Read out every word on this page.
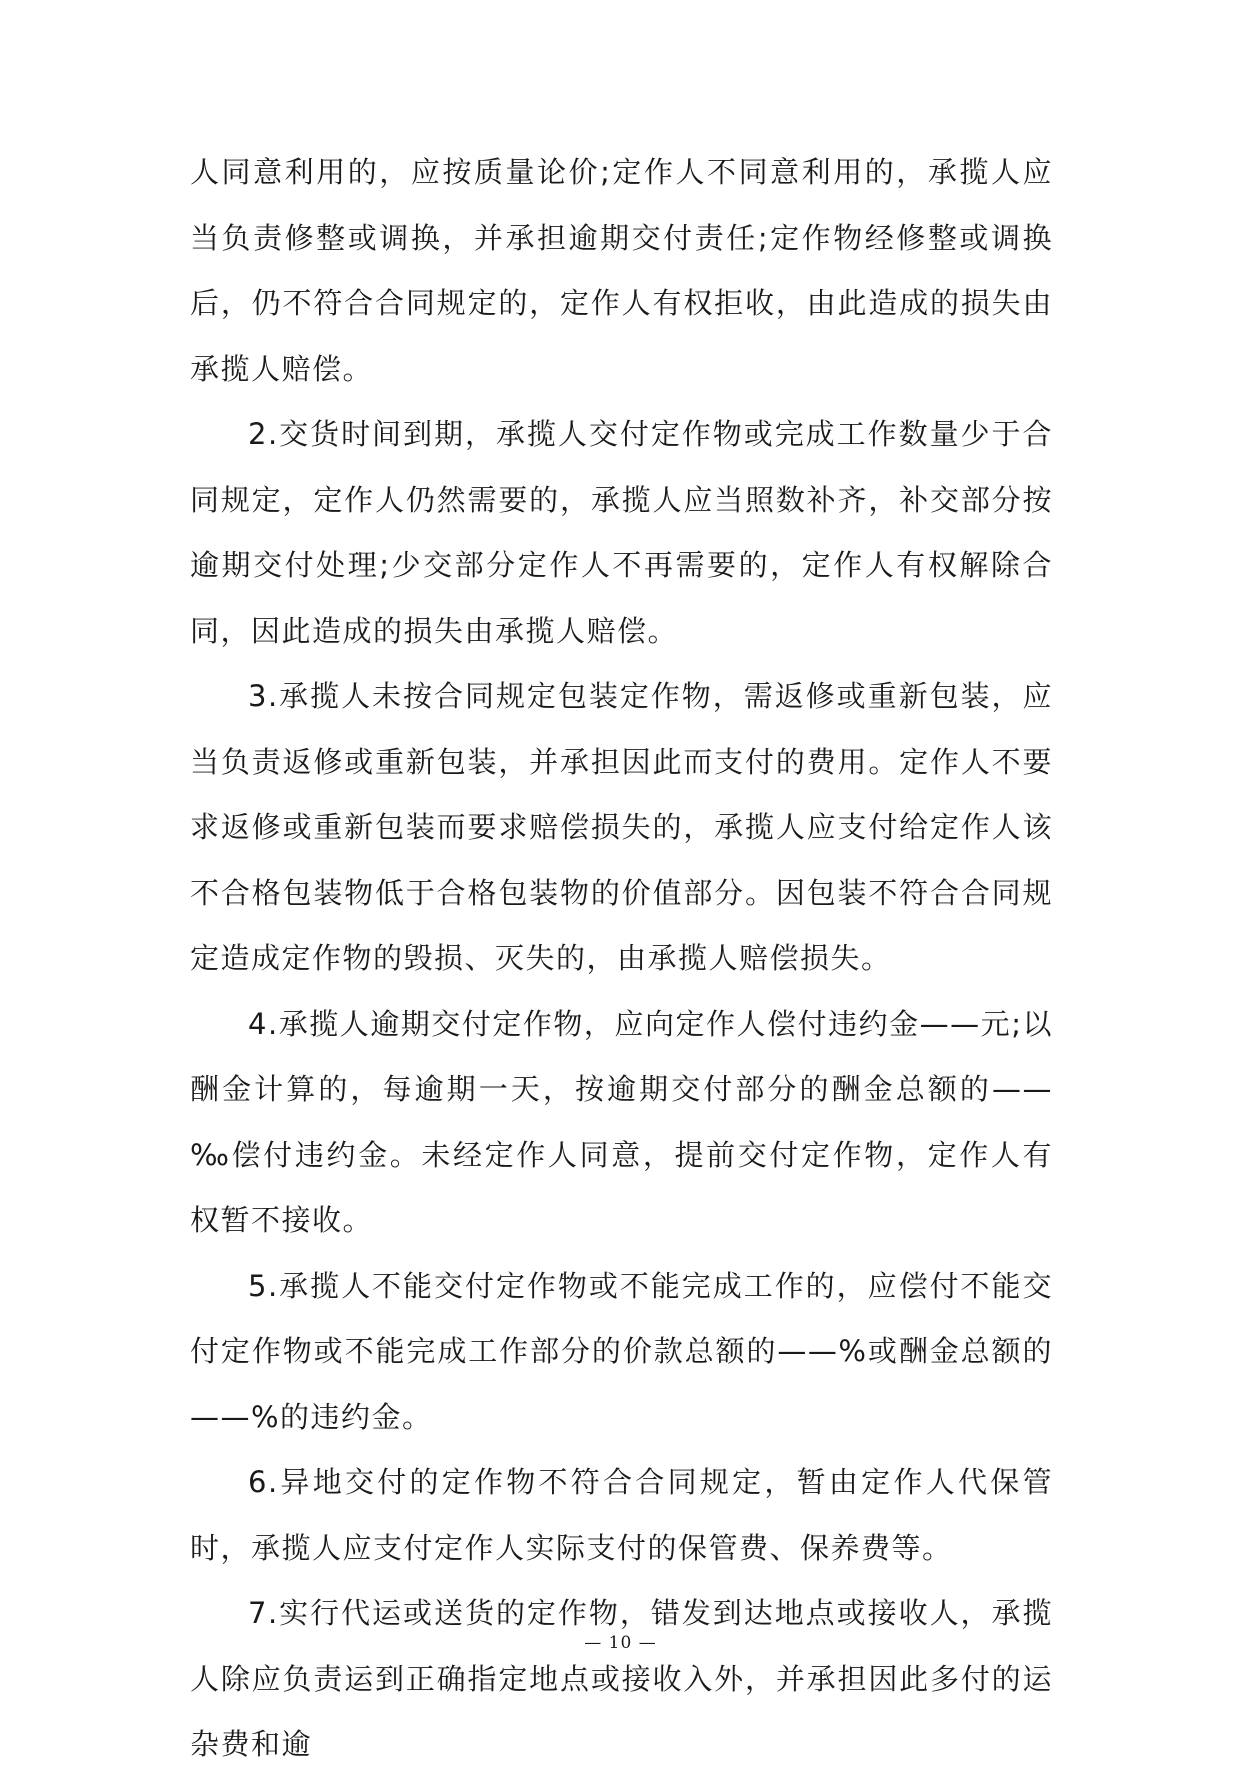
人同意利用的，应按质量论价;定作人不同意利用的，承揽人应当负责修整或调换，并承担逾期交付责任;定作物经修整或调换后，仍不符合合同规定的，定作人有权拒收，由此造成的损失由承揽人赔偿。

2.交货时间到期，承揽人交付定作物或完成工作数量少于合同规定，定作人仍然需要的，承揽人应当照数补齐，补交部分按逾期交付处理;少交部分定作人不再需要的，定作人有权解除合同，因此造成的损失由承揽人赔偿。

3.承揽人未按合同规定包装定作物，需返修或重新包装，应当负责返修或重新包装，并承担因此而支付的费用。定作人不要求返修或重新包装而要求赔偿损失的，承揽人应支付给定作人该不合格包装物低于合格包装物的价值部分。因包装不符合合同规定造成定作物的毁损、灭失的，由承揽人赔偿损失。

4.承揽人逾期交付定作物，应向定作人偿付违约金——元;以酬金计算的，每逾期一天，按逾期交付部分的酬金总额的——‰偿付违约金。未经定作人同意，提前交付定作物，定作人有权暂不接收。

5.承揽人不能交付定作物或不能完成工作的，应偿付不能交付定作物或不能完成工作部分的价款总额的——%或酬金总额的——%的违约金。

6.异地交付的定作物不符合合同规定，暂由定作人代保管时，承揽人应支付定作人实际支付的保管费、保养费等。

7.实行代运或送货的定作物，错发到达地点或接收人，承揽人除应负责运到正确指定地点或接收入外，并承担因此多付的运杂费和逾

— 10 —
